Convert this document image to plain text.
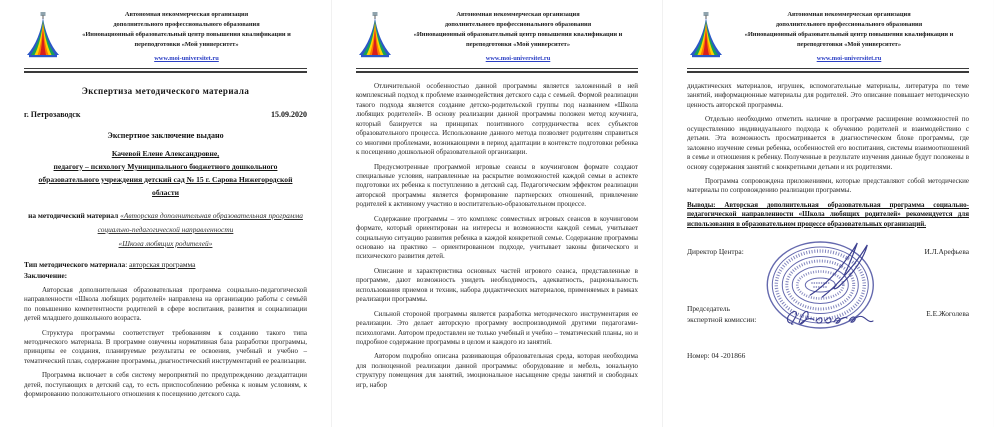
Автономная некоммерческая организация
дополнительного профессионального образования
«Инновационный образовательный центр повышения квалификации и
переподготовки «Мой университет»
www.moi-universitet.ru
Экспертиза методического материала
г. Петрозаводск	15.09.2020
Экспертное заключение выдано
Качевой Елене Александровне,
педагогу – психологу Муниципального бюджетного дошкольного образовательного учреждения детский сад № 15 г. Сарова Нижегородской области
на методический материал «Авторская дополнительная образовательная программа социально-педагогической направленности
«Школа любящих родителей»
Тип методического материала: авторская программа
Заключение:

Авторская дополнительная образовательная программа социально-педагогической направленности «Школа любящих родителей» направлена на организацию работы с семьёй по повышению компетентности родителей в сфере воспитания, развития и социализации детей младшего дошкольного возраста.

Структура программы соответствует требованиям к созданию такого типа методического материала. В программе озвучены нормативная база разработки программы, принципы ее создания, планируемые результаты ее освоения, учебный и учебно – тематический план, содержание программы, диагностический инструментарий ее реализации.

Программа включает в себя систему мероприятий по предупреждению дезадаптации детей, поступающих в детский сад, то есть приспособлению ребенка к новым условиям, к формированию положительного отношения к посещению детского сада.

Автономная некоммерческая организация
дополнительного профессионального образования
«Инновационный образовательный центр повышения квалификации и
переподготовки «Мой университет»
www.moi-universitet.ru

Отличительной особенностью данной программы является заложенный в ней комплексный подход к проблеме взаимодействия детского сада с семьей. Формой реализации такого подхода является создание детско-родительской группы под названием «Школа любящих родителей». В основу реализации данной программы положен метод коучинга, который базируется на принципах позитивного сотрудничества всех субъектов образовательного процесса. Использование данного метода позволяет родителям справиться со многими проблемами, возникающими в период адаптации в контексте подготовки ребенка к посещению дошкольной образовательной организации.

Предусмотренные программой игровые сеансы в коучинговом формате создают специальные условия, направленные на раскрытие возможностей каждой семьи в аспекте подготовки их ребенка к поступлению в детский сад. Педагогическим эффектом реализации авторской программы является формирование партнерских отношений, привлечение родителей к активному участию в воспитательно-образовательном процессе.

Содержание программы – это комплекс совместных игровых сеансов в коучинговом формате, который ориентирован на интересы и возможности каждой семьи, учитывает социальную ситуацию развития ребенка в каждой конкретной семье. Содержание программы основано на практико – ориентированном подходе, учитывает законы физического и психического развития детей.

Описание и характеристика основных частей игрового сеанса, представленные в программе, дают возможность увидеть необходимость, адекватность, рациональность использования приемов и техник, набора дидактических материалов, применяемых в рамках реализации программы.

Сильной стороной программы является разработка методического инструментария ее реализации. Это делает авторскую программу воспроизводимой другими педагогами-психологами. Автором предоставлен не только учебный и учебно – тематический планы, но и подробное содержание программы в целом и каждого из занятий.

Автором подробно описана развивающая образовательная среда, которая необходима для полноценной реализации данной программы: оборудование и мебель, зональную структуру помещения для занятий, эмоциональное насыщение среды занятий и свободных игр, набор

Автономная некоммерческая организация
дополнительного профессионального образования
«Инновационный образовательный центр повышения квалификации и
переподготовки «Мой университет»
www.moi-universitet.ru

дидактических материалов, игрушек, вспомогательные материалы, литература по теме занятий, информационные материалы для родителей. Это описание повышает методическую ценность авторской программы.

Отдельно необходимо отметить наличие в программе расширение возможностей по осуществлению индивидуального подхода к обучению родителей и взаимодействию с детьми. Эта возможность просматривается в диагностическом блоке программы, где заложено изучение семьи ребенка, особенностей его воспитания, системы взаимоотношений в семье и отношения к ребенку. Полученные в результате изучения данные будут положены в основу содержания занятий с конкретными детьми и их родителями.

Программа сопровождена приложениями, которые представляют собой методические материалы по сопровождению реализации программы.

Выводы: Авторская дополнительная образовательная программа социально-педагогической направленности «Школа любящих родителей» рекомендуется для использования в образовательном процессе образовательных организаций.

Директор Центра:	И.Л.Арефьева
Председатель
экспертной комиссии:
Е.Е.Жоголева
Номер: 04 -201866
